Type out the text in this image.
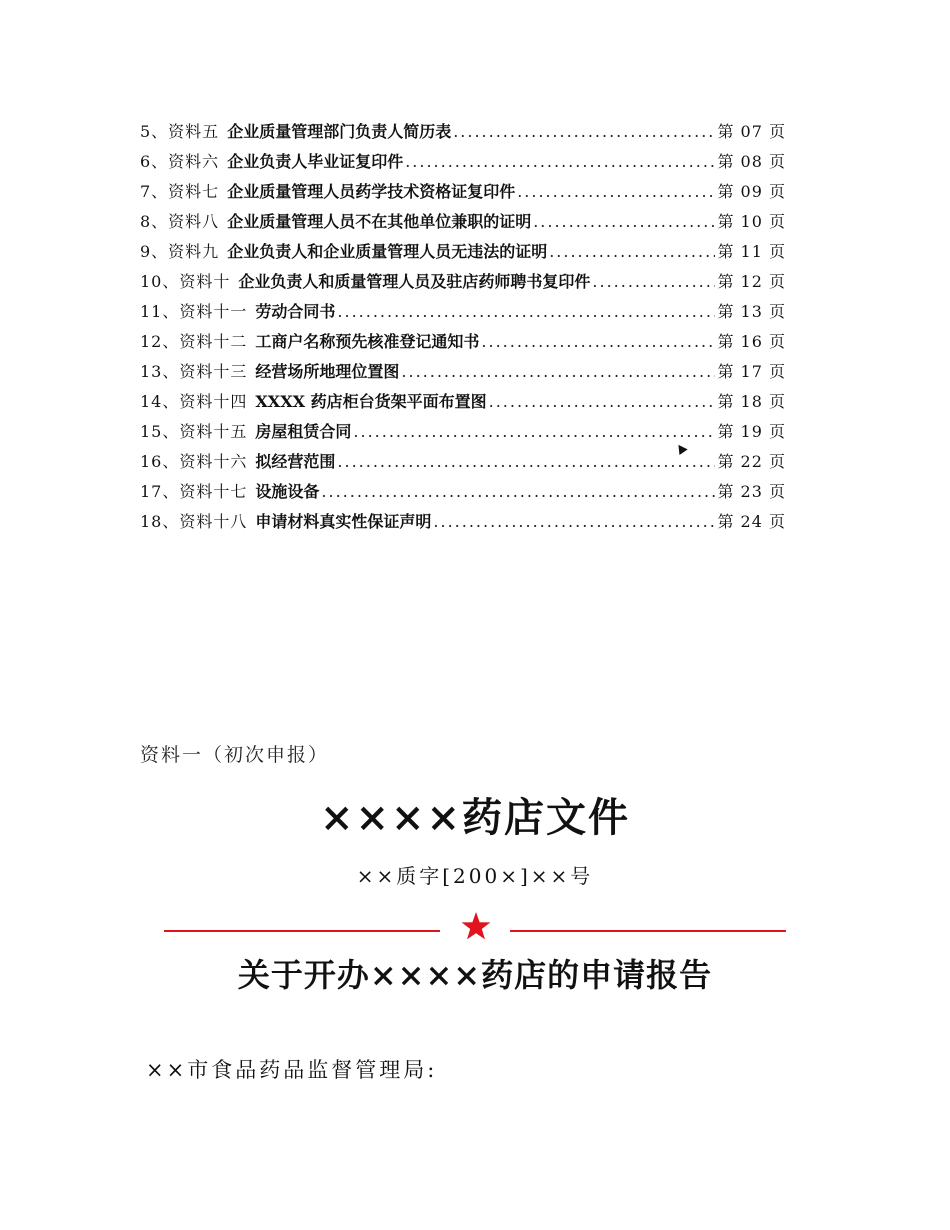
5、资料五 企业质量管理部门负责人简历表 .....	第 07 页
6、资料六 企业负责人毕业证复印件 .....	第 08 页
7、资料七 企业质量管理人员药学技术资格证复印件 .....	第 09 页
8、资料八 企业质量管理人员不在其他单位兼职的证明 .....	第 10 页
9、资料九 企业负责人和企业质量管理人员无违法的证明 .....	第 11 页
10、资料十 企业负责人和质量管理人员及驻店药师聘书复印件 .....	第 12 页
11、资料十一 劳动合同书 .....	第 13 页
12、资料十二 工商户名称预先核准登记通知书 .....	第 16 页
13、资料十三 经营场所地理位置图 .....	第 17 页
14、资料十四 XXXX 药店柜台货架平面布置图 .....	第 18 页
15、资料十五 房屋租赁合同 .....	第 19 页
16、资料十六 拟经营范围 .....	第 22 页
17、资料十七 设施设备 .....	第 23 页
18、资料十八 申请材料真实性保证声明 .....	第 24 页
资料一（初次申报）
××××药店文件
××质字[200×]××号
关于开办××××药店的申请报告
××市食品药品监督管理局:
